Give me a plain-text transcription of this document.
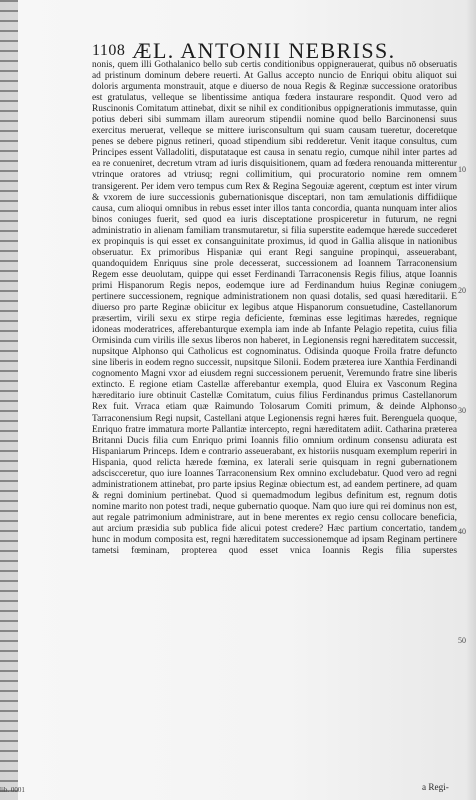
1108 ÆL. ANTONII NEBRISS.
nonis, quem illi Gothalanico bello sub certis conditionibus oppignerauerat, quibus nō obseruatis
ad pristinum dominum debere reuerti. At Gallus accepto nuncio de Enriqui obitu aliquot sui
doloris argumenta monstrauit, atque e diuerso de noua Regis & Reginæ successione oratoribus
est gratulatus, velleque se libentissime antiqua fœdera instaurare respondit. Quod vero ad
Ruscinonis Comitatum attinebat, dixit se nihil ex conditionibus oppignerationis immutasse, quin
potius deberi sibi summam illam aureorum stipendii nomine quod bello Barcinonensi suus
exercitus meruerat, velleque se mittere iurisconsultum qui suam causam tueretur, doceretque
penes se debere pignus retineri, quoad stipendium sibi redderetur. Venit itaque consultus, cum
Principes essent Valladoliti, disputataque est causa in senatu regio, cumque nihil inter partes ad
ea re conueniret, decretum vtram ad iuris disquisitionem, quam ad fœdera renouanda mitterentur
vtrinque oratores ad vtriusq; regni collimitium, qui procuratorio nomine rem omnem
transigerent. Per idem vero tempus cum Rex & Regina Segouiæ agerent, cœptum est inter virum
& vxorem de iure successionis gubernationisque disceptari, non tam æmulationis diffidiique
causa, cum alioqui omnibus in rebus esset inter illos tanta concordia, quanta nunquam inter alios
binos coniuges fuerit, sed quod ea iuris disceptatione prospiceretur in futurum, ne regni
administratio in alienam familiam transmutaretur, si filia superstite eademque hærede succederet
ex propinquis is qui esset ex consanguinitate proximus, id quod in Gallia alisque in nationibus
obseruatur. Ex primoribus Hispaniæ qui erant Regi sanguine propinqui, asseuerabant,
quandoquidem Enriquus sine prole decesserat, successionem ad Ioannem Tarraconensium
Regem esse deuolutam, quippe qui esset Ferdinandi Tarraconensis Regis filius, atque Ioannis
primi Hispanorum Regis nepos, eodemque iure ad Ferdinandum huius Reginæ coniugem
pertinere successionem, regnique administrationem non quasi dotalis, sed quasi hæreditarii. E
diuerso pro parte Reginæ obiicitur ex legibus atque Hispanorum consuetudine, Castellanorum
præsertim, virili sexu ex stirpe regia deficiente, fœminas esse legitimas hæredes, regnique
idoneas moderatrices, afferebanturque exempla iam inde ab Infante Pelagio repetita, cuius filia
Ormisinda cum virilis ille sexus liberos non haberet, in Legionensis regni hæreditatem successit,
nupsitque Alphonso qui Catholicus est cognominatus. Odisinda quoque Froila fratre defuncto
sine liberis in eodem regno successit, nupsitque Silonii. Eodem præterea iure Xanthia Ferdinandi
cognomento Magni vxor ad eiusdem regni successionem peruenit, Veremundo fratre sine liberis
extincto. E regione etiam Castellæ afferebantur exempla, quod Eluira ex Vasconum Regina
hæreditario iure obtinuit Castellæ Comitatum, cuius filius Ferdinandus primus Castellanorum
Rex fuit. Vrraca etiam quæ Raimundo Tolosarum Comiti primum, & deinde Alphonso
Tarraconensium Regi nupsit, Castellani atque Legionensis regni hæres fuit. Berenguela quoque,
Enriquo fratre immatura morte Pallantiæ intercepto, regni hæreditatem adiit. Catharina præterea
Britanni Ducis filia cum Enriquo primi Ioannis filio omnium ordinum consensu adiurata est
Hispaniarum Princeps. Idem e contrario asseuerabant, ex historiis nusquam exemplum reperiri in
Hispania, quod relicta hærede fœmina, ex laterali serie quisquam in regni gubernationem
adsciscceretur, quo iure Ioannes Tarraconensium Rex omnino excludebatur. Quod vero ad regni
administrationem attinebat, pro parte ipsius Reginæ obiectum est, ad eandem pertinere, ad quam
& regni dominium pertinebat. Quod si quemadmodum legibus definitum est, regnum dotis
nomine marito non potest tradi, neque gubernatio quoque. Nam quo iure qui rei dominus non est,
aut regale patrimonium administrare, aut in bene merentes ex regio censu collocare beneficia,
aut arcium præsidia sub publica fide alicui potest credere? Hæc partium concertatio, tandem
hunc in modum composita est, regni hæreditatem successionemque ad ipsam Reginam pertinere
tametsi fœminam, propterea quod esset vnica Ioannis Regis filia superstes
10
20
30
40
50
a Regi-
lib. 0001
